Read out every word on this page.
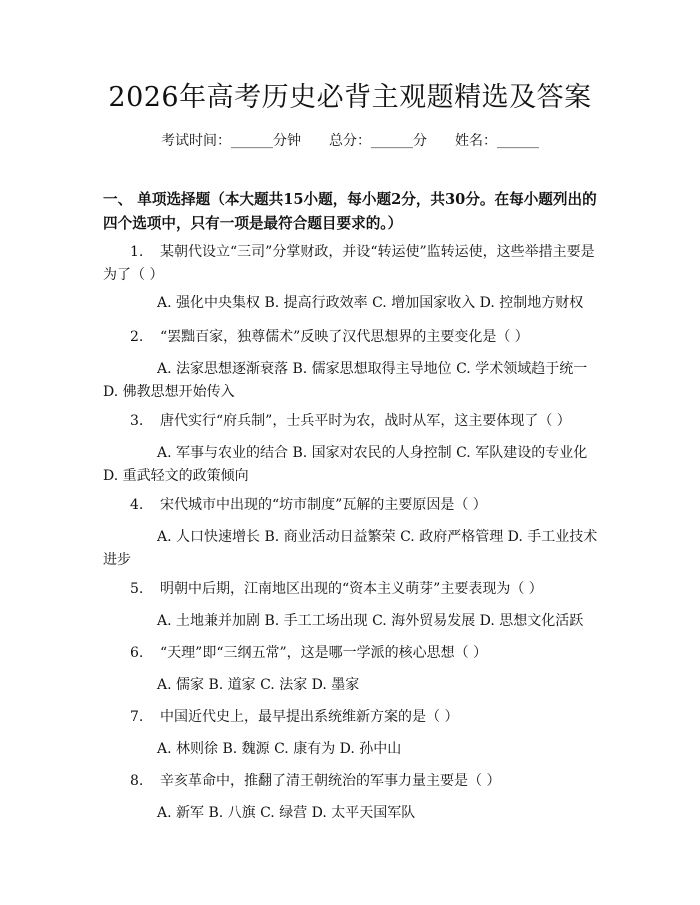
2026年高考历史必背主观题精选及答案
考试时间：______分钟 总分：______分 姓名：______
一、 单项选择题（本大题共15小题，每小题2分，共30分。在每小题列出的四个选项中，只有一项是最符合题目要求的。）
1. 某朝代设立“三司”分掌财政，并设“转运使”监转运使，这些举措主要是为了（ ）
A. 强化中央集权 B. 提高行政效率 C. 增加国家收入 D. 控制地方财权
2. “罢黜百家，独尊儒术”反映了汉代思想界的主要变化是（ ）
A. 法家思想逐渐衰落 B. 儒家思想取得主导地位 C. 学术领域趋于统一 D. 佛教思想开始传入
3. 唐代实行“府兵制”，士兵平时为农，战时从军，这主要体现了（ ）
A. 军事与农业的结合 B. 国家对农民的人身控制 C. 军队建设的专业化 D. 重武轻文的政策倾向
4. 宋代城市中出现的“坊市制度”瓦解的主要原因是（ ）
A. 人口快速增长 B. 商业活动日益繁荣 C. 政府严格管理 D. 手工业技术进步
5. 明朝中后期，江南地区出现的“资本主义萌芽”主要表现为（ ）
A. 土地兼并加剧 B. 手工工场出现 C. 海外贸易发展 D. 思想文化活跃
6. “天理”即“三纲五常”，这是哪一学派的核心思想（ ）
A. 儒家 B. 道家 C. 法家 D. 墨家
7. 中国近代史上，最早提出系统维新方案的是（ ）
A. 林则徐 B. 魏源 C. 康有为 D. 孙中山
8. 辛亥革命中，推翻了清王朝统治的军事力量主要是（ ）
A. 新军 B. 八旗 C. 绿营 D. 太平天国军队
